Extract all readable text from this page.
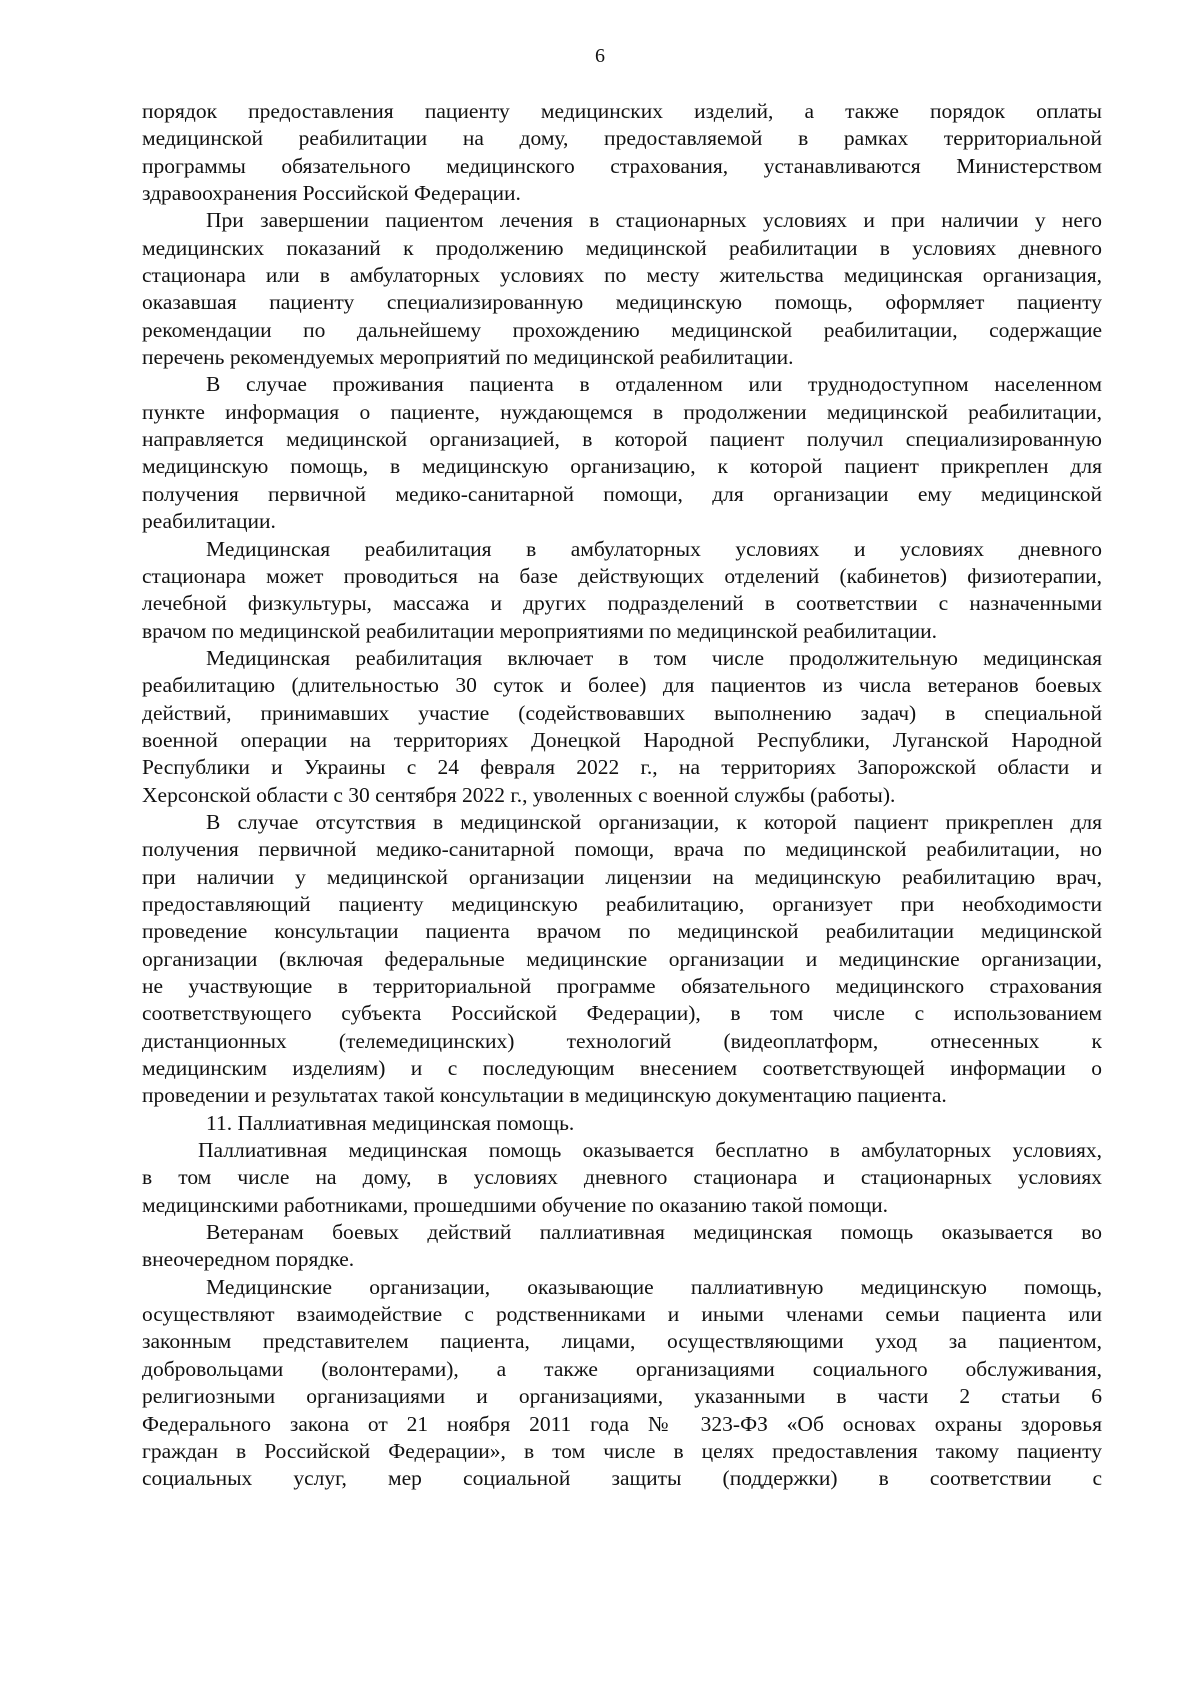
6
порядок предоставления пациенту медицинских изделий, а также порядок оплаты
медицинской реабилитации на дому, предоставляемой в рамках территориальной
программы обязательного медицинского страхования, устанавливаются Министерством
здравоохранения Российской Федерации.
При завершении пациентом лечения в стационарных условиях и при наличии у него
медицинских показаний к продолжению медицинской реабилитации в условиях дневного
стационара или в амбулаторных условиях по месту жительства медицинская организация,
оказавшая пациенту специализированную медицинскую помощь, оформляет пациенту
рекомендации по дальнейшему прохождению медицинской реабилитации, содержащие
перечень рекомендуемых мероприятий по медицинской реабилитации.
В случае проживания пациента в отдаленном или труднодоступном населенном
пункте информация о пациенте, нуждающемся в продолжении медицинской реабилитации,
направляется медицинской организацией, в которой пациент получил специализированную
медицинскую помощь, в медицинскую организацию, к которой пациент прикреплен для
получения первичной медико-санитарной помощи, для организации ему медицинской
реабилитации.
Медицинская реабилитация в амбулаторных условиях и условиях дневного
стационара может проводиться на базе действующих отделений (кабинетов) физиотерапии,
лечебной физкультуры, массажа и других подразделений в соответствии с назначенными
врачом по медицинской реабилитации мероприятиями по медицинской реабилитации.
Медицинская реабилитация включает в том числе продолжительную медицинская
реабилитацию (длительностью 30 суток и более) для пациентов из числа ветеранов боевых
действий, принимавших участие (содействовавших выполнению задач) в специальной
военной операции на территориях Донецкой Народной Республики, Луганской Народной
Республики и Украины с 24 февраля 2022 г., на территориях Запорожской области и
Херсонской области с 30 сентября 2022 г., уволенных с военной службы (работы).
В случае отсутствия в медицинской организации, к которой пациент прикреплен для
получения первичной медико-санитарной помощи, врача по медицинской реабилитации, но
при наличии у медицинской организации лицензии на медицинскую реабилитацию врач,
предоставляющий пациенту медицинскую реабилитацию, организует при необходимости
проведение консультации пациента врачом по медицинской реабилитации медицинской
организации (включая федеральные медицинские организации и медицинские организации,
не участвующие в территориальной программе обязательного медицинского страхования
соответствующего субъекта Российской Федерации), в том числе с использованием
дистанционных (телемедицинских) технологий (видеоплатформ, отнесенных к
медицинским изделиям) и с последующим внесением соответствующей информации о
проведении и результатах такой консультации в медицинскую документацию пациента.
11. Паллиативная медицинская помощь.
Паллиативная медицинская помощь оказывается бесплатно в амбулаторных условиях,
в том числе на дому, в условиях дневного стационара и стационарных условиях
медицинскими работниками, прошедшими обучение по оказанию такой помощи.
Ветеранам боевых действий паллиативная медицинская помощь оказывается во
внеочередном порядке.
Медицинские организации, оказывающие паллиативную медицинскую помощь,
осуществляют взаимодействие с родственниками и иными членами семьи пациента или
законным представителем пациента, лицами, осуществляющими уход за пациентом,
добровольцами (волонтерами), а также организациями социального обслуживания,
религиозными организациями и организациями, указанными в части 2 статьи 6
Федерального закона от 21 ноября 2011 года № 323-ФЗ «Об основах охраны здоровья
граждан в Российской Федерации», в том числе в целях предоставления такому пациенту
социальных услуг, мер социальной защиты (поддержки) в соответствии с
